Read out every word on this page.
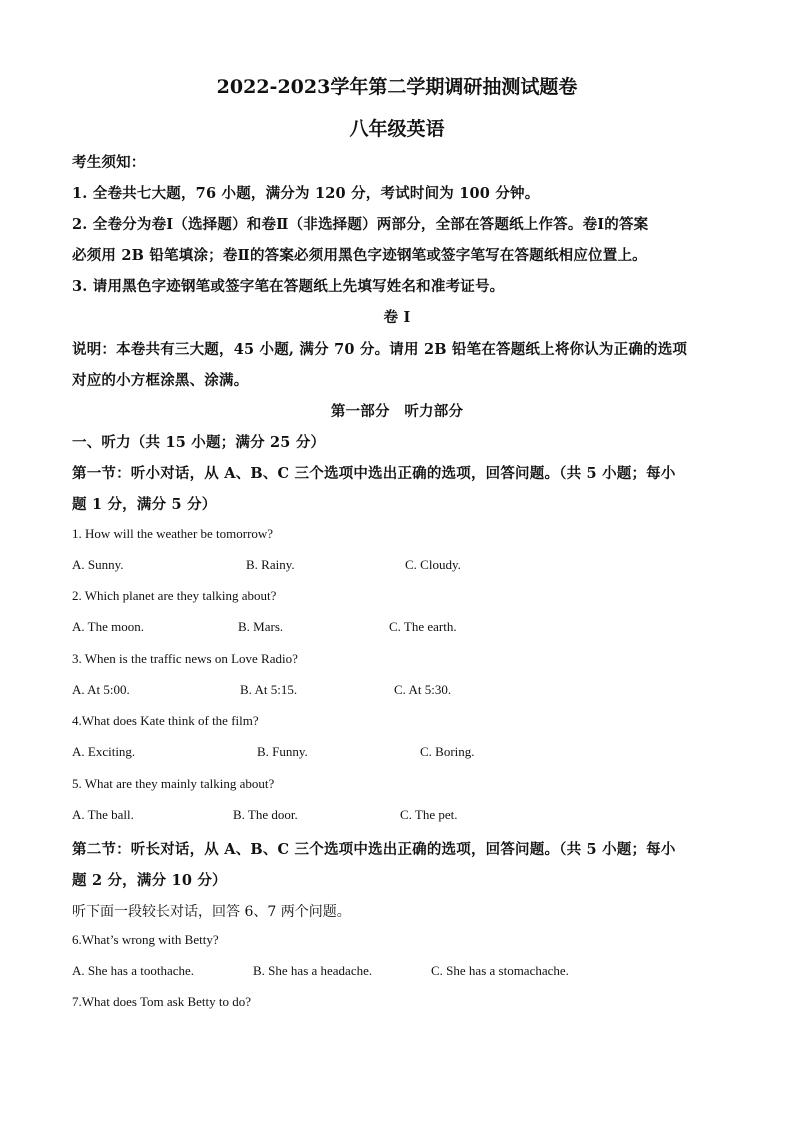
2022-2023学年第二学期调研抽测试题卷
八年级英语
考生须知：
1. 全卷共七大题，76 小题，满分为 120 分，考试时间为 100 分钟。
2. 全卷分为卷Ⅰ（选择题）和卷Ⅱ（非选择题）两部分，全部在答题纸上作答。卷Ⅰ的答案
必须用 2B 铅笔填涂；卷Ⅱ的答案必须用黑色字迹钢笔或签字笔写在答题纸相应位置上。
3. 请用黑色字迹钢笔或签字笔在答题纸上先填写姓名和准考证号。
卷 Ⅰ
说明：本卷共有三大题，45 小题, 满分 70 分。请用 2B 铅笔在答题纸上将你认为正确的选项
对应的小方框涂黑、涂满。
第一部分　听力部分
一、听力（共 15 小题；满分 25 分）
第一节：听小对话，从 A、B、C 三个选项中选出正确的选项，回答问题。（共 5 小题；每小
题 1 分，满分 5 分）
1. How will the weather be tomorrow?
A. Sunny.	B. Rainy.	C. Cloudy.
2. Which planet are they talking about?
A. The moon.	B. Mars.	C. The earth.
3. When is the traffic news on Love Radio?
A. At 5:00.	B. At 5:15.	C. At 5:30.
4.What does Kate think of the film?
A. Exciting.	B. Funny.	C. Boring.
5. What are they mainly talking about?
A. The ball.	B. The door.	C. The pet.
第二节：听长对话，从 A、B、C 三个选项中选出正确的选项，回答问题。（共 5 小题；每小
题 2 分，满分 10 分）
听下面一段较长对话，回答 6、7 两个问题。
6.What’s wrong with Betty?
A. She has a toothache.	B. She has a headache.	C. She has a stomachache.
7.What does Tom ask Betty to do?
